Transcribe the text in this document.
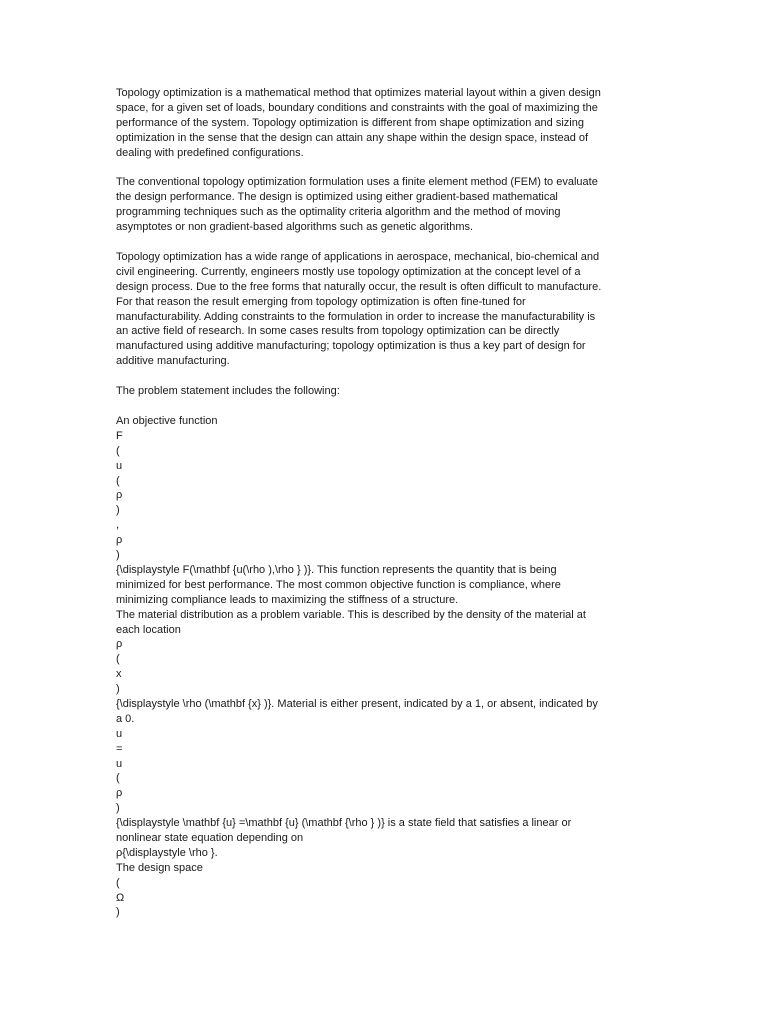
Topology optimization is a mathematical method that optimizes material layout within a given design
space, for a given set of loads, boundary conditions and constraints with the goal of maximizing the
performance of the system. Topology optimization is different from shape optimization and sizing
optimization in the sense that the design can attain any shape within the design space, instead of
dealing with predefined configurations.
The conventional topology optimization formulation uses a finite element method (FEM) to evaluate
the design performance. The design is optimized using either gradient-based mathematical
programming techniques such as the optimality criteria algorithm and the method of moving
asymptotes or non gradient-based algorithms such as genetic algorithms.
Topology optimization has a wide range of applications in aerospace, mechanical, bio-chemical and
civil engineering. Currently, engineers mostly use topology optimization at the concept level of a
design process. Due to the free forms that naturally occur, the result is often difficult to manufacture.
For that reason the result emerging from topology optimization is often fine-tuned for
manufacturability. Adding constraints to the formulation in order to increase the manufacturability is
an active field of research. In some cases results from topology optimization can be directly
manufactured using additive manufacturing; topology optimization is thus a key part of design for
additive manufacturing.
The problem statement includes the following:
An objective function
F
(
u
(
ρ
)
,
ρ
)
{\displaystyle F(\mathbf {u(\rho ),\rho } )}. This function represents the quantity that is being
minimized for best performance. The most common objective function is compliance, where
minimizing compliance leads to maximizing the stiffness of a structure.
The material distribution as a problem variable. This is described by the density of the material at
each location
ρ
(
x
)
{\displaystyle \rho (\mathbf {x} )}. Material is either present, indicated by a 1, or absent, indicated by
a 0.
u
=
u
(
ρ
)
{\displaystyle \mathbf {u} =\mathbf {u} (\mathbf {\rho } )} is a state field that satisfies a linear or
nonlinear state equation depending on
ρ{\displaystyle \rho }.
The design space
(
Ω
)
